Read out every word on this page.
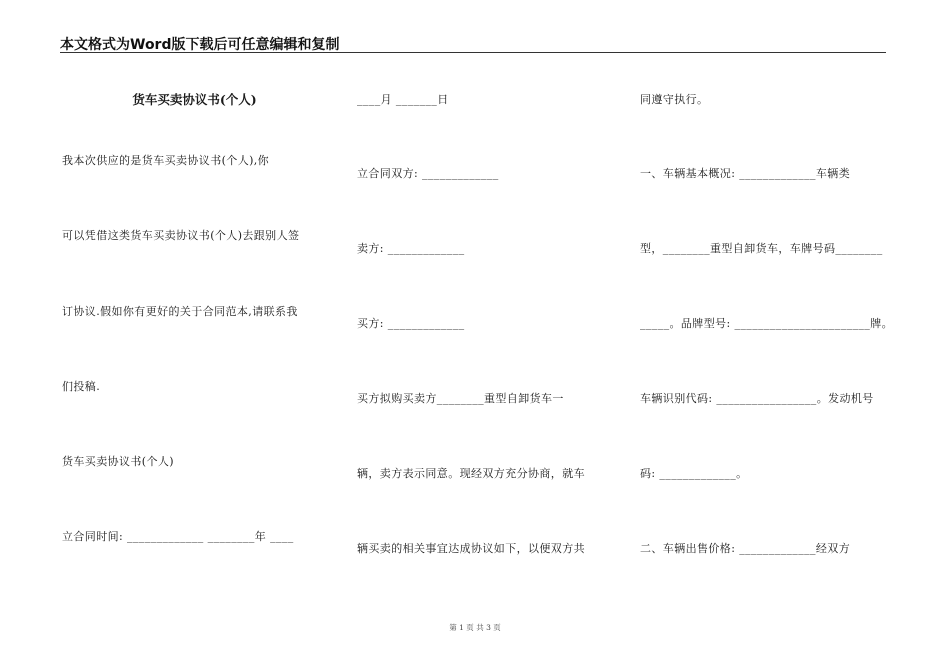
本文格式为Word版下载后可任意编辑和复制
货车买卖协议书(个人)
我本次供应的是货车买卖协议书(个人),你
可以凭借这类货车买卖协议书(个人)去跟别人签
订协议.假如你有更好的关于合同范本,请联系我
们投稿.
货车买卖协议书(个人)
立合同时间: _____________ ________年 ____
____月 _______日
立合同双方: _____________
卖方: _____________
买方: _____________
买方拟购买卖方________重型自卸货车一
辆，卖方表示同意。现经双方充分协商，就车
辆买卖的相关事宜达成协议如下，以便双方共
同遵守执行。
一、车辆基本概况: _____________车辆类
型，________重型自卸货车，车牌号码________
_____。品牌型号: _______________________牌。
车辆识别代码: _________________。发动机号
码: _____________。
二、车辆出售价格: _____________经双方
第 1 页 共 3 页
